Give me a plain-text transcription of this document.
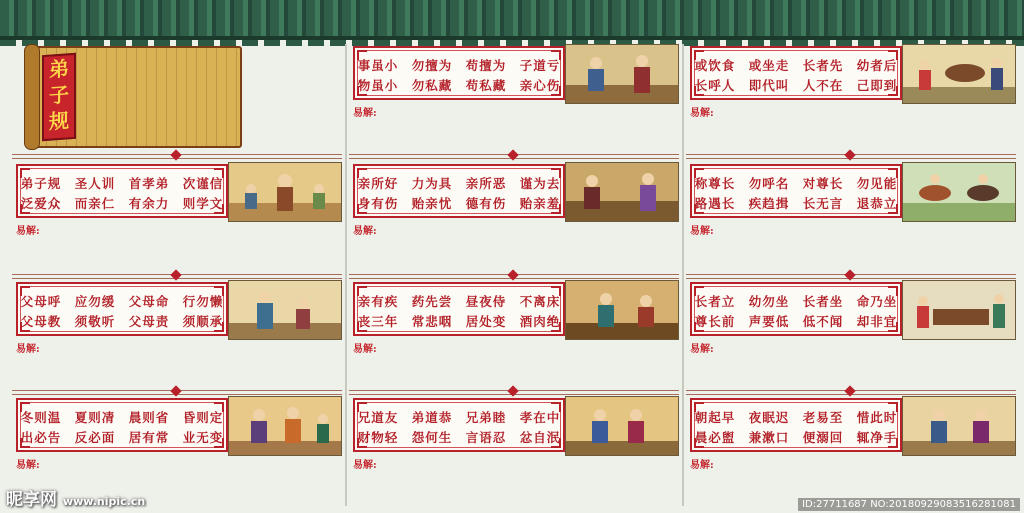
弟
子
规
弟子规　圣人训　首孝弟　次谨信
泛爱众　而亲仁　有余力　则学文
易解:
父母呼　应勿缓　父母命　行勿懒
父母教　须敬听　父母责　须顺承
易解:
冬则温　夏则凊　晨则省　昏则定
出必告　反必面　居有常　业无变
易解:
事虽小　勿擅为　苟擅为　子道亏
物虽小　勿私藏　苟私藏　亲心伤
易解:
亲所好　力为具　亲所恶　谨为去
身有伤　贻亲忧　德有伤　贻亲羞
易解:
亲有疾　药先尝　昼夜侍　不离床
丧三年　常悲咽　居处变　酒肉绝
易解:
兄道友　弟道恭　兄弟睦　孝在中
财物轻　怨何生　言语忍　忿自泯
易解:
或饮食　或坐走　长者先　幼者后
长呼人　即代叫　人不在　己即到
易解:
称尊长　勿呼名　对尊长　勿见能
路遇长　疾趋揖　长无言　退恭立
易解:
长者立　幼勿坐　长者坐　命乃坐
尊长前　声要低　低不闻　却非宜
易解:
朝起早　夜眠迟　老易至　惜此时
晨必盥　兼漱口　便溺回　辄净手
易解:
昵享网 www.nipic.cn	ID:27711687 NO:20180929083516281081
